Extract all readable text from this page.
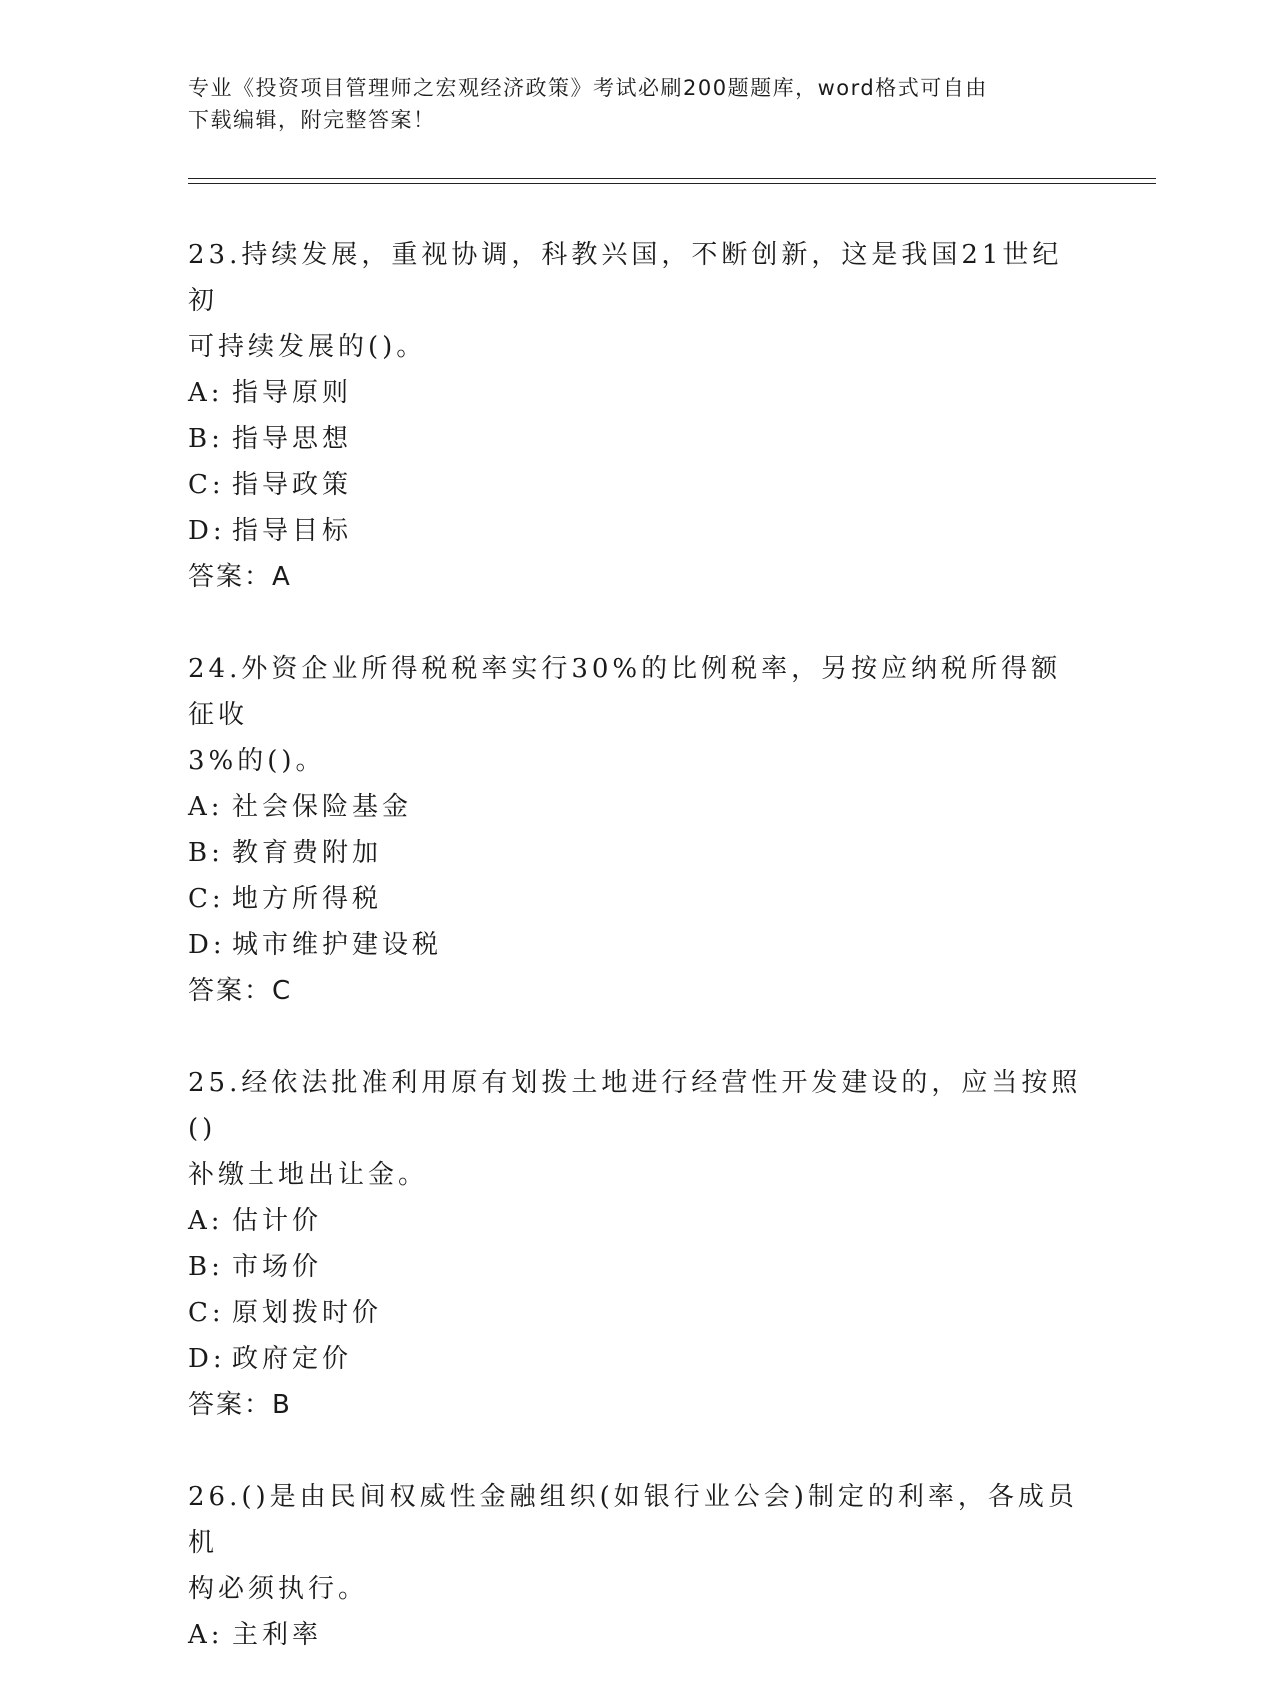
专业《投资项目管理师之宏观经济政策》考试必刷200题题库，word格式可自由
下载编辑，附完整答案！
23.持续发展，重视协调，科教兴国，不断创新，这是我国21世纪初
可持续发展的()。
A: 指导原则
B: 指导思想
C: 指导政策
D: 指导目标
答案：A
24.外资企业所得税税率实行30%的比例税率，另按应纳税所得额征收
3%的()。
A: 社会保险基金
B: 教育费附加
C: 地方所得税
D: 城市维护建设税
答案：C
25.经依法批准利用原有划拨土地进行经营性开发建设的，应当按照()
补缴土地出让金。
A: 估计价
B: 市场价
C: 原划拨时价
D: 政府定价
答案：B
26.()是由民间权威性金融组织(如银行业公会)制定的利率，各成员机
构必须执行。
A: 主利率
